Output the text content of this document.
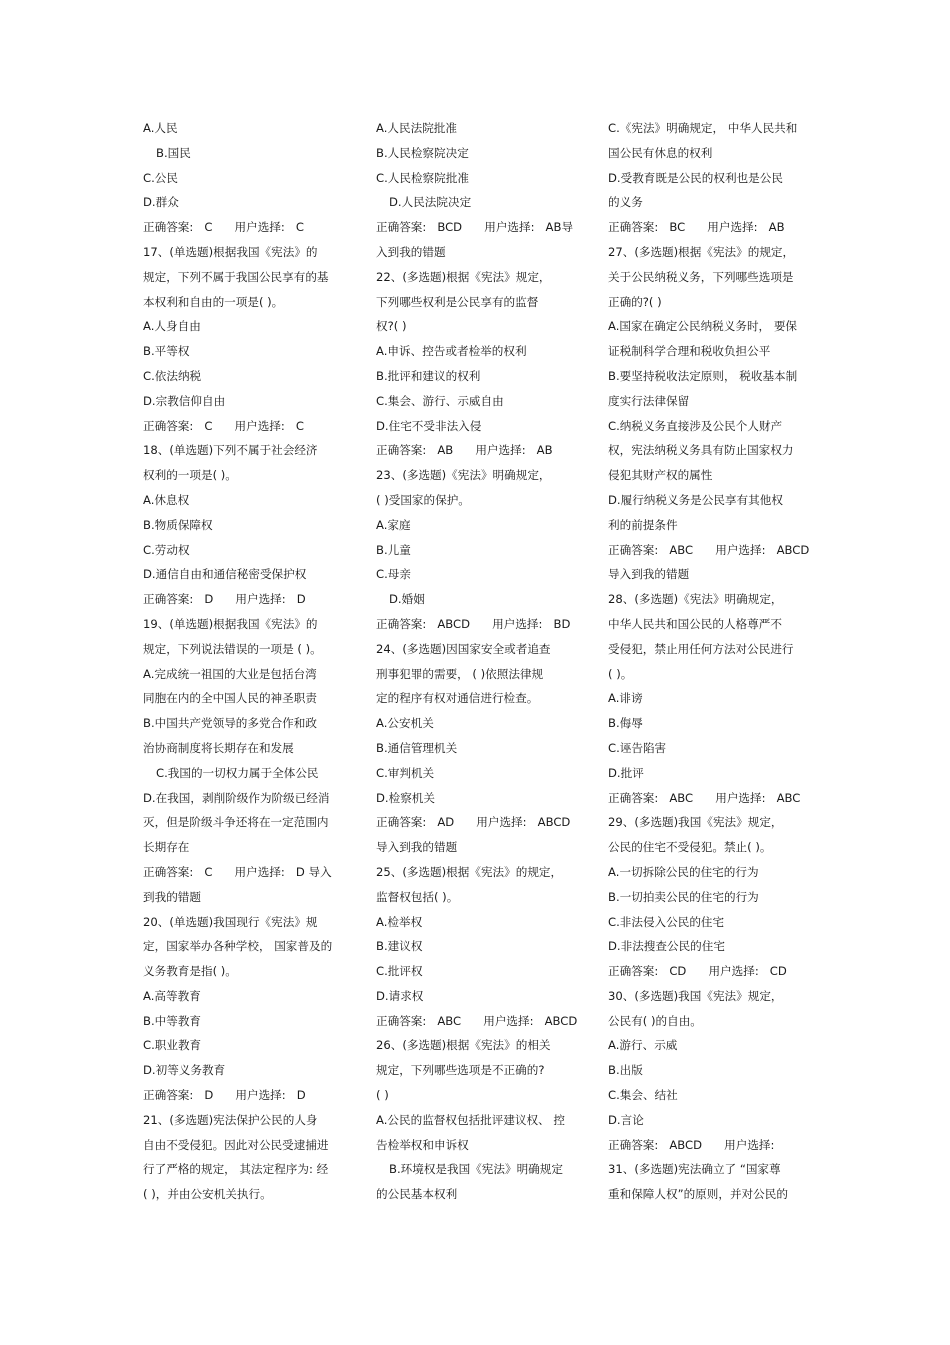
A.人民
B.国民
C.公民
D.群众
正确答案:   C      用户选择:   C
17、(单选题)根据我国《宪法》的
规定，下列不属于我国公民享有的基
本权利和自由的一项是( )。
A.人身自由
B.平等权
C.依法纳税
D.宗教信仰自由
正确答案:   C      用户选择:   C
18、(单选题)下列不属于社会经济
权利的一项是( )。
A.休息权
B.物质保障权
C.劳动权
D.通信自由和通信秘密受保护权
正确答案:   D      用户选择:   D
19、(单选题)根据我国《宪法》的
规定，下列说法错误的一项是 ( )。
A.完成统一祖国的大业是包括台湾
同胞在内的全中国人民的神圣职责
B.中国共产党领导的多党合作和政
治协商制度将长期存在和发展
C.我国的一切权力属于全体公民
D.在我国，剥削阶级作为阶级已经消
灭，但是阶级斗争还将在一定范围内
长期存在
正确答案:   C      用户选择:   D 导入
到我的错题
20、(单选题)我国现行《宪法》规
定，国家举办各种学校， 国家普及的
义务教育是指( )。
A.高等教育
B.中等教育
C.职业教育
D.初等义务教育
正确答案:   D      用户选择:   D
21、(多选题)宪法保护公民的人身
自由不受侵犯。因此对公民受逮捕进
行了严格的规定， 其法定程序为: 经
( )，并由公安机关执行。
A.人民法院批准
B.人民检察院决定
C.人民检察院批准
D.人民法院决定
正确答案:   BCD      用户选择:   AB导
入到我的错题
22、(多选题)根据《宪法》规定，
下列哪些权利是公民享有的监督
权?( )
A.申诉、控告或者检举的权利
B.批评和建议的权利
C.集会、游行、示威自由
D.住宅不受非法入侵
正确答案:   AB      用户选择:   AB
23、(多选题)《宪法》明确规定，
( )受国家的保护。
A.家庭
B.儿童
C.母亲
D.婚姻
正确答案:   ABCD      用户选择:   BD
24、(多选题)因国家安全或者追查
刑事犯罪的需要， ( )依照法律规
定的程序有权对通信进行检查。
A.公安机关
B.通信管理机关
C.审判机关
D.检察机关
正确答案:   AD      用户选择:   ABCD
导入到我的错题
25、(多选题)根据《宪法》的规定，
监督权包括( )。
A.检举权
B.建议权
C.批评权
D.请求权
正确答案:   ABC      用户选择:   ABCD
26、(多选题)根据《宪法》的相关
规定，下列哪些选项是不正确的?
( )
A.公民的监督权包括批评建议权、 控
告检举权和申诉权
B.环境权是我国《宪法》明确规定
的公民基本权利
C.《宪法》明确规定， 中华人民共和
国公民有休息的权利
D.受教育既是公民的权利也是公民
的义务
正确答案:   BC      用户选择:   AB
27、(多选题)根据《宪法》的规定，
关于公民纳税义务，下列哪些选项是
正确的?( )
A.国家在确定公民纳税义务时， 要保
证税制科学合理和税收负担公平
B.要坚持税收法定原则， 税收基本制
度实行法律保留
C.纳税义务直接涉及公民个人财产
权，宪法纳税义务具有防止国家权力
侵犯其财产权的属性
D.履行纳税义务是公民享有其他权
利的前提条件
正确答案:   ABC      用户选择:   ABCD
导入到我的错题
28、(多选题)《宪法》明确规定，
中华人民共和国公民的人格尊严不
受侵犯，禁止用任何方法对公民进行
( )。
A.诽谤
B.侮辱
C.诬告陷害
D.批评
正确答案:   ABC      用户选择:   ABC
29、(多选题)我国《宪法》规定，
公民的住宅不受侵犯。禁止( )。
A.一切拆除公民的住宅的行为
B.一切拍卖公民的住宅的行为
C.非法侵入公民的住宅
D.非法搜查公民的住宅
正确答案:   CD      用户选择:   CD
30、(多选题)我国《宪法》规定，
公民有( )的自由。
A.游行、示威
B.出版
C.集会、结社
D.言论
正确答案:   ABCD      用户选择:
31、(多选题)宪法确立了 “国家尊
重和保障人权”的原则，并对公民的
